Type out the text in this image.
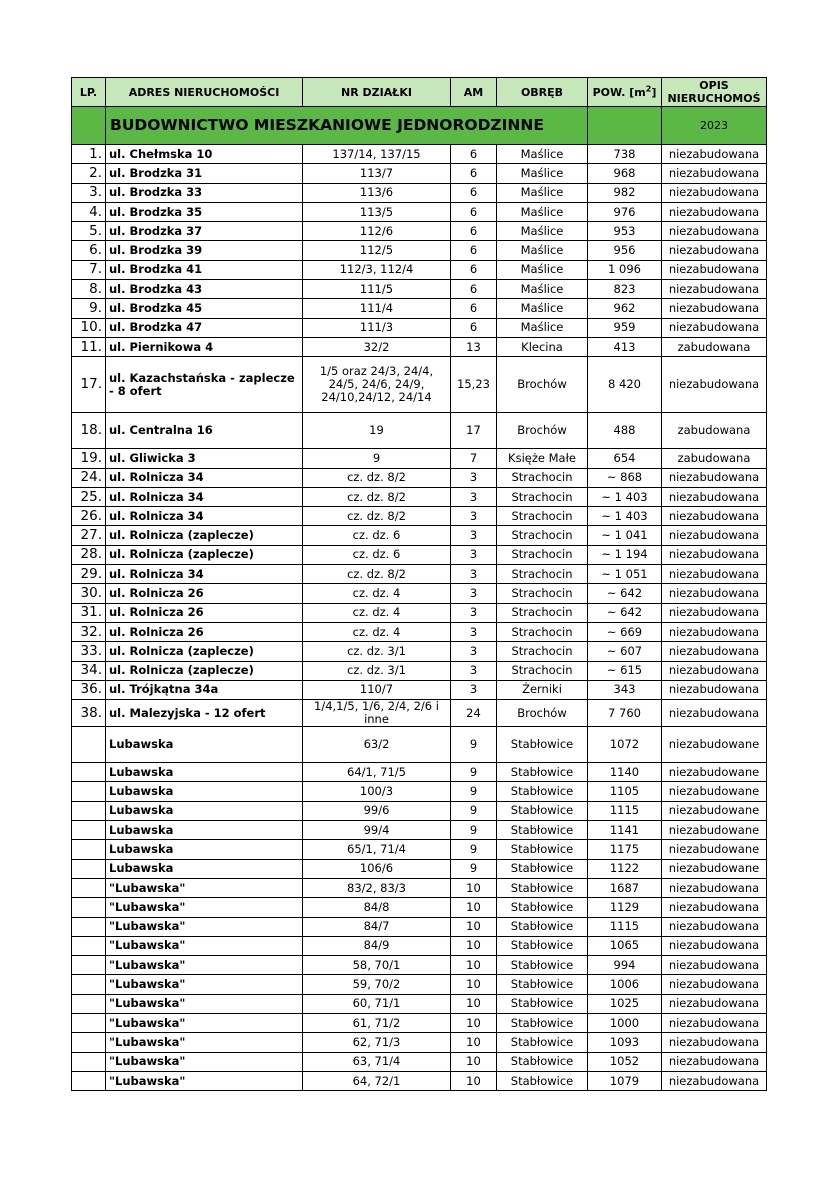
LP.	ADRES NIERUCHOMOŚCI	NR DZIAŁKI	AM	OBRĘB	POW. $[m^2]$	OPIS NIERUCHOMOŚ
	BUDOWNICTWO MIESZKANIOWE JEDNORODZINNE					2023
1.	ul. Chełmska 10	137/14, 137/15	6	Maślice	738	niezabudowana
2.	ul. Brodzka 31	113/7	6	Maślice	968	niezabudowana
3.	ul. Brodzka 33	113/6	6	Maślice	982	niezabudowana
4.	ul. Brodzka 35	113/5	6	Maślice	976	niezabudowana
5.	ul. Brodzka 37	112/6	6	Maślice	953	niezabudowana
6.	ul. Brodzka 39	112/5	6	Maślice	956	niezabudowana
7.	ul. Brodzka 41	112/3, 112/4	6	Maślice	1 096	niezabudowana
8.	ul. Brodzka 43	111/5	6	Maślice	823	niezabudowana
9.	ul. Brodzka 45	111/4	6	Maślice	962	niezabudowana
10.	ul. Brodzka 47	111/3	6	Maślice	959	niezabudowana
11.	ul. Piernikowa 4	32/2	13	Klecina	413	zabudowana
17.	ul. Kazachstańska - zaplecze - 8 ofert	1/5 oraz 24/3, 24/4, 24/5, 24/6, 24/9, 24/10,24/12, 24/14	15,23	Brochów	8 420	niezabudowana
18.	ul. Centralna 16	19	17	Brochów	488	zabudowana
19.	ul. Gliwicka 3	9	7	Księże Małe	654	zabudowana
24.	ul. Rolnicza 34	cz. dz. 8/2	3	Strachocin	~ 868	niezabudowana
25.	ul. Rolnicza 34	cz. dz. 8/2	3	Strachocin	~ 1 403	niezabudowana
26.	ul. Rolnicza 34	cz. dz. 8/2	3	Strachocin	~ 1 403	niezabudowana
27.	ul. Rolnicza (zaplecze)	cz. dz. 6	3	Strachocin	~ 1 041	niezabudowana
28.	ul. Rolnicza (zaplecze)	cz. dz. 6	3	Strachocin	~ 1 194	niezabudowana
29.	ul. Rolnicza 34	cz. dz. 8/2	3	Strachocin	~ 1 051	niezabudowana
30.	ul. Rolnicza 26	cz. dz. 4	3	Strachocin	~ 642	niezabudowana
31.	ul. Rolnicza 26	cz. dz. 4	3	Strachocin	~ 642	niezabudowana
32.	ul. Rolnicza 26	cz. dz. 4	3	Strachocin	~ 669	niezabudowana
33.	ul. Rolnicza (zaplecze)	cz. dz. 3/1	3	Strachocin	~ 607	niezabudowana
34.	ul. Rolnicza (zaplecze)	cz. dz. 3/1	3	Strachocin	~ 615	niezabudowana
36.	ul. Trójkątna 34a	110/7	3	Żerniki	343	niezabudowana
38.	ul. Malezyjska - 12 ofert	1/4,1/5, 1/6, 2/4, 2/6 i inne	24	Brochów	7 760	niezabudowana
	Lubawska	63/2	9	Stabłowice	1072	niezabudowane
	Lubawska	64/1, 71/5	9	Stabłowice	1140	niezabudowane
	Lubawska	100/3	9	Stabłowice	1105	niezabudowane
	Lubawska	99/6	9	Stabłowice	1115	niezabudowane
	Lubawska	99/4	9	Stabłowice	1141	niezabudowane
	Lubawska	65/1, 71/4	9	Stabłowice	1175	niezabudowane
	Lubawska	106/6	9	Stabłowice	1122	niezabudowane
	"Lubawska"	83/2, 83/3	10	Stabłowice	1687	niezabudowana
	"Lubawska"	84/8	10	Stabłowice	1129	niezabudowana
	"Lubawska"	84/7	10	Stabłowice	1115	niezabudowana
	"Lubawska"	84/9	10	Stabłowice	1065	niezabudowana
	"Lubawska"	58, 70/1	10	Stabłowice	994	niezabudowana
	"Lubawska"	59, 70/2	10	Stabłowice	1006	niezabudowana
	"Lubawska"	60, 71/1	10	Stabłowice	1025	niezabudowana
	"Lubawska"	61, 71/2	10	Stabłowice	1000	niezabudowana
	"Lubawska"	62, 71/3	10	Stabłowice	1093	niezabudowana
	"Lubawska"	63, 71/4	10	Stabłowice	1052	niezabudowana
	"Lubawska"	64, 72/1	10	Stabłowice	1079	niezabudowana
